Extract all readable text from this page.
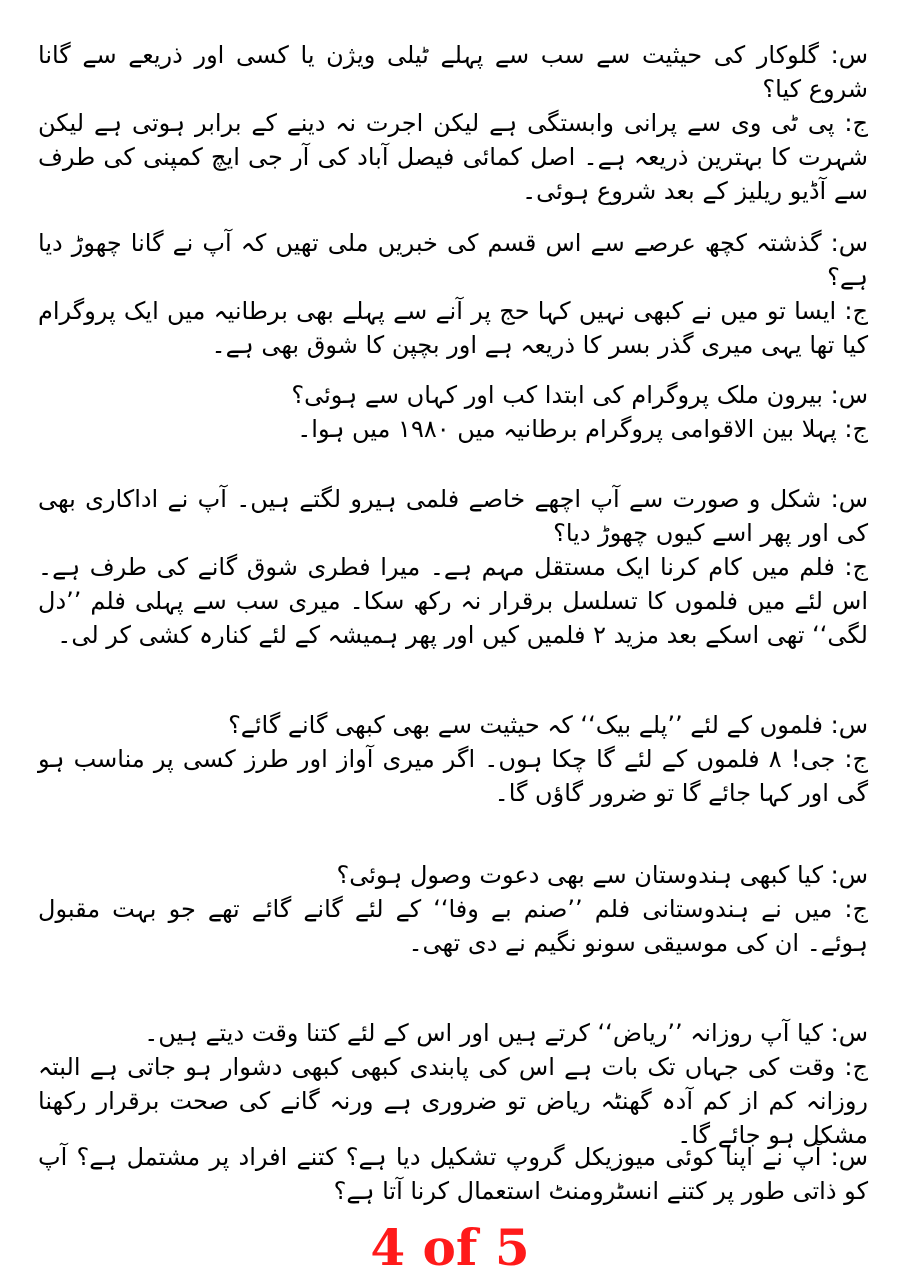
س: گلوکار کی حیثیت سے سب سے پہلے ٹیلی ویژن یا کسی اور ذریعے سے گانا شروع کیا؟

ج: پی ٹی وی سے پرانی وابستگی ہے لیکن اجرت نہ دینے کے برابر ہوتی ہے لیکن شہرت کا بہترین ذریعہ ہے۔ اصل کمائی فیصل آباد کی آر جی ایچ کمپنی کی طرف سے آڈیو ریلیز کے بعد شروع ہوئی۔

س: گذشتہ کچھ عرصے سے اس قسم کی خبریں ملی تھیں کہ آپ نے گانا چھوڑ دیا ہے؟

ج: ایسا تو میں نے کبھی نہیں کہا حج پر آنے سے پہلے بھی برطانیہ میں ایک پروگرام کیا تھا یہی میری گذر بسر کا ذریعہ ہے اور بچپن کا شوق بھی ہے۔

س: بیرون ملک پروگرام کی ابتدا کب اور کہاں سے ہوئی؟

ج: پہلا بین الاقوامی پروگرام برطانیہ میں ۱۹۸۰ میں ہوا۔

س: شکل و صورت سے آپ اچھے خاصے فلمی ہیرو لگتے ہیں۔ آپ نے اداکاری بھی کی اور پھر اسے کیوں چھوڑ دیا؟

ج: فلم میں کام کرنا ایک مستقل مہم ہے۔ میرا فطری شوق گانے کی طرف ہے۔ اس لئے میں فلموں کا تسلسل برقرار نہ رکھ سکا۔ میری سب سے پہلی فلم ’’دل لگی‘‘ تھی اسکے بعد مزید ۲ فلمیں کیں اور پھر ہمیشہ کے لئے کنارہ کشی کر لی۔

س: فلموں کے لئے ’’پلے بیک‘‘ کہ حیثیت سے بھی کبھی گانے گائے؟

ج: جی! ۸ فلموں کے لئے گا چکا ہوں۔ اگر میری آواز اور طرز کسی پر مناسب ہو گی اور کہا جائے گا تو ضرور گاؤں گا۔

س: کیا کبھی ہندوستان سے بھی دعوت وصول ہوئی؟

ج: میں نے ہندوستانی فلم ’’صنم بے وفا‘‘ کے لئے گانے گائے تھے جو بہت مقبول ہوئے۔ ان کی موسیقی سونو نگیم نے دی تھی۔

س: کیا آپ روزانہ ’’ریاض‘‘ کرتے ہیں اور اس کے لئے کتنا وقت دیتے ہیں۔

ج: وقت کی جہاں تک بات ہے اس کی پابندی کبھی کبھی دشوار ہو جاتی ہے البتہ روزانہ کم از کم آدہ گھنٹہ ریاض تو ضروری ہے ورنہ گانے کی صحت برقرار رکھنا مشکل ہو جائے گا۔

س: آپ نے اپنا کوئی میوزیکل گروپ تشکیل دیا ہے؟ کتنے افراد پر مشتمل ہے؟ آپ کو ذاتی طور پر کتنے انسٹرومنٹ استعمال کرنا آتا ہے؟

4 of 5
